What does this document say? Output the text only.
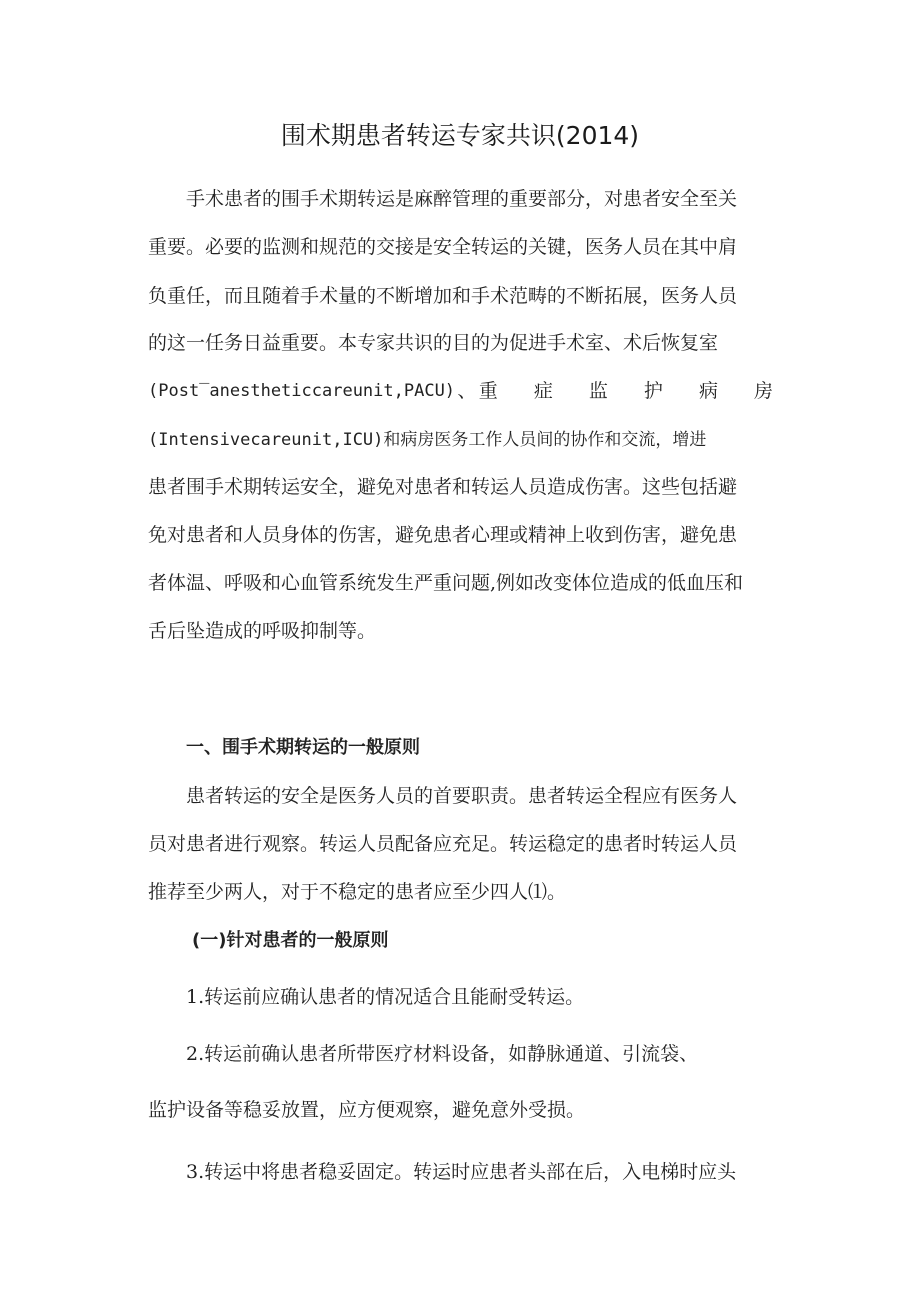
围术期患者转运专家共识(2014)
手术患者的围手术期转运是麻醉管理的重要部分，对患者安全至关
重要。必要的监测和规范的交接是安全转运的关键，医务人员在其中肩
负重任，而且随着手术量的不断增加和手术范畴的不断拓展，医务人员
的这一任务日益重要。本专家共识的目的为促进手术室、术后恢复室
(Post‾anestheticcareunit,PACU) 、 重 症 监 护 病 房
(Intensivecareunit,ICU)和病房医务工作人员间的协作和交流，增进
患者围手术期转运安全，避免对患者和转运人员造成伤害。这些包括避
免对患者和人员身体的伤害，避免患者心理或精神上收到伤害，避免患
者体温、呼吸和心血管系统发生严重问题,例如改变体位造成的低血压和
舌后坠造成的呼吸抑制等。
一、围手术期转运的一般原则
患者转运的安全是医务人员的首要职责。患者转运全程应有医务人
员对患者进行观察。转运人员配备应充足。转运稳定的患者时转运人员
推荐至少两人，对于不稳定的患者应至少四人⑴。
(一)针对患者的一般原则
1.转运前应确认患者的情况适合且能耐受转运。
2.转运前确认患者所带医疗材料设备，如静脉通道、引流袋、
监护设备等稳妥放置，应方便观察，避免意外受损。
3.转运中将患者稳妥固定。转运时应患者头部在后，入电梯时应头
